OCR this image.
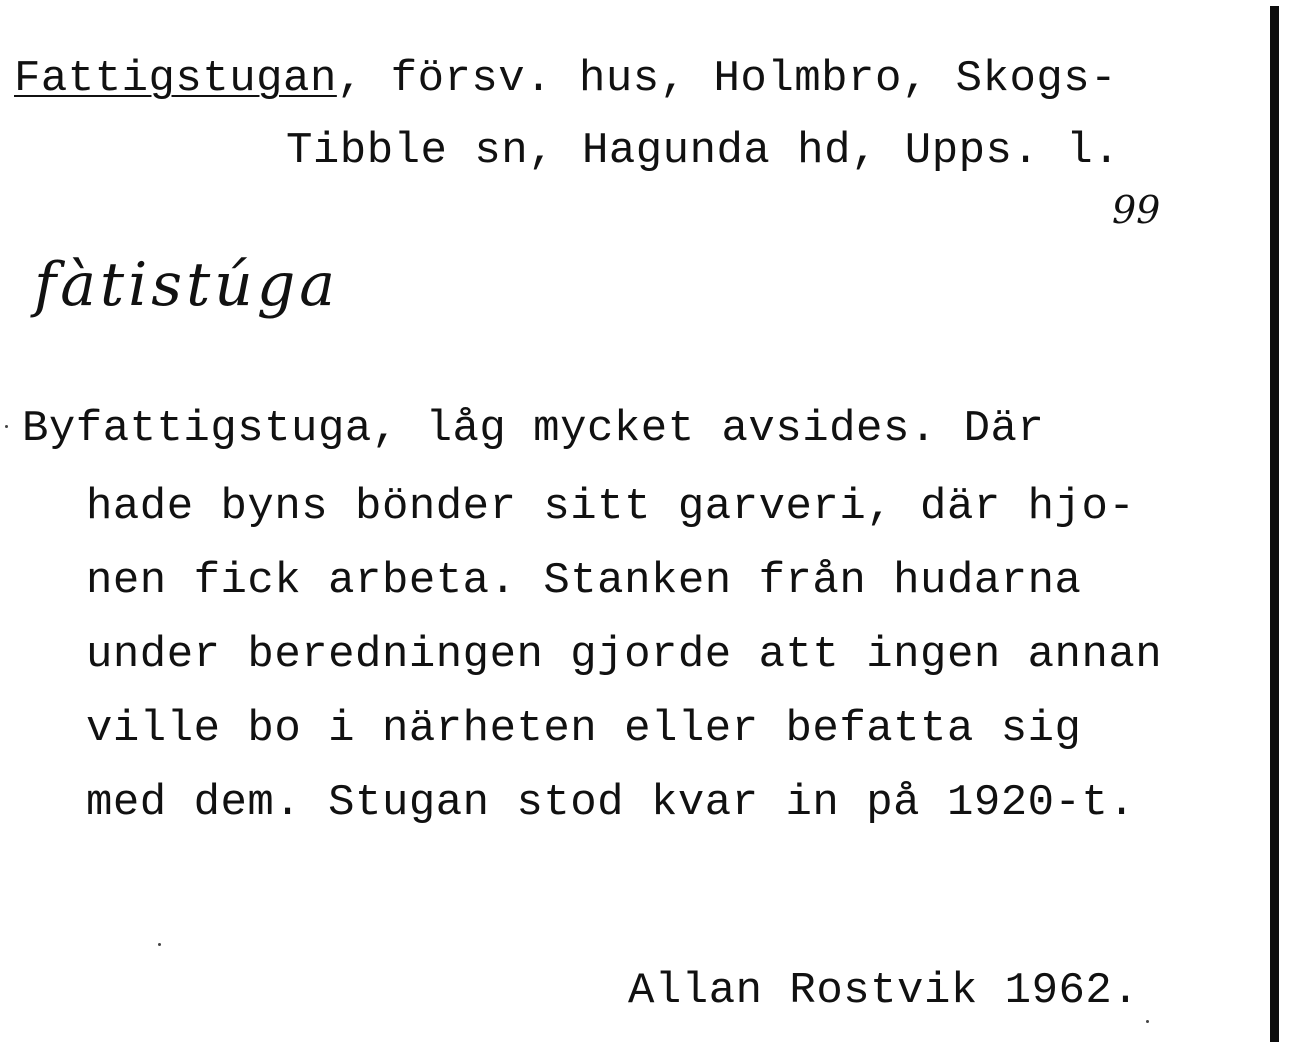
Fattigstugan, försv. hus, Holmbro, Skogs-
Tibble sn, Hagunda hd, Upps. l.
99
fàtistúga
Byfattigstuga, låg mycket avsides. Där
hade byns bönder sitt garveri, där hjo-
nen fick arbeta. Stanken från hudarna
under beredningen gjorde att ingen annan
ville bo i närheten eller befatta sig
med dem. Stugan stod kvar in på 1920-t.
Allan Rostvik 1962.
